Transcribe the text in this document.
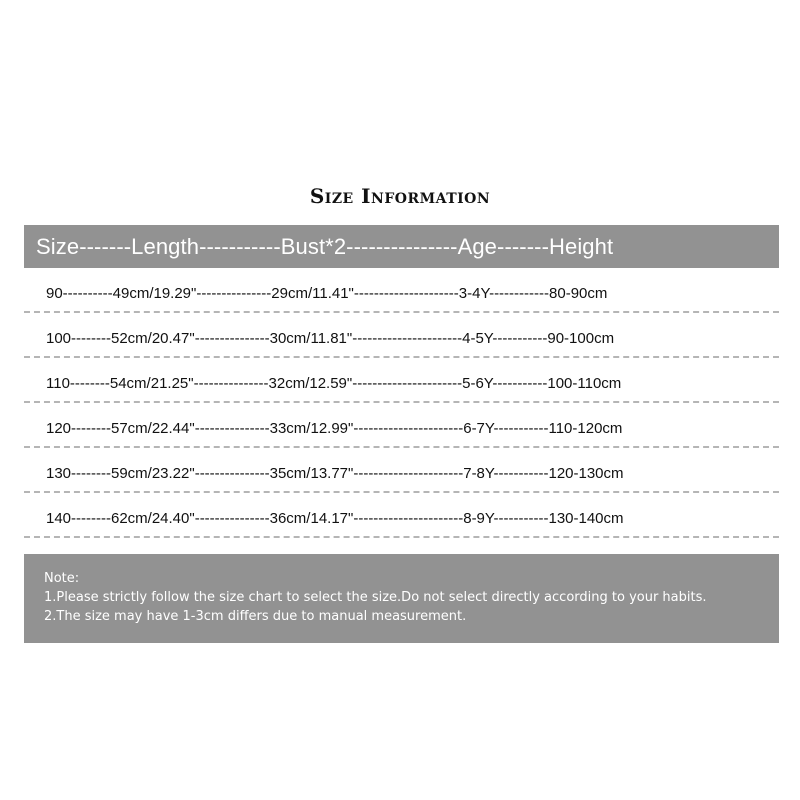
Size Information
Size-------Length-----------Bust*2---------------Age-------Height
90----------49cm/19.29"---------------29cm/11.41"---------------------3-4Y------------80-90cm
100--------52cm/20.47"---------------30cm/11.81"----------------------4-5Y-----------90-100cm
110--------54cm/21.25"---------------32cm/12.59"----------------------5-6Y-----------100-110cm
120--------57cm/22.44"---------------33cm/12.99"----------------------6-7Y-----------110-120cm
130--------59cm/23.22"---------------35cm/13.77"----------------------7-8Y-----------120-130cm
140--------62cm/24.40"---------------36cm/14.17"----------------------8-9Y-----------130-140cm
Note:
1.Please strictly follow the size chart to select the size.Do not select directly according to your habits.
2.The size may have 1-3cm differs due to manual measurement.
